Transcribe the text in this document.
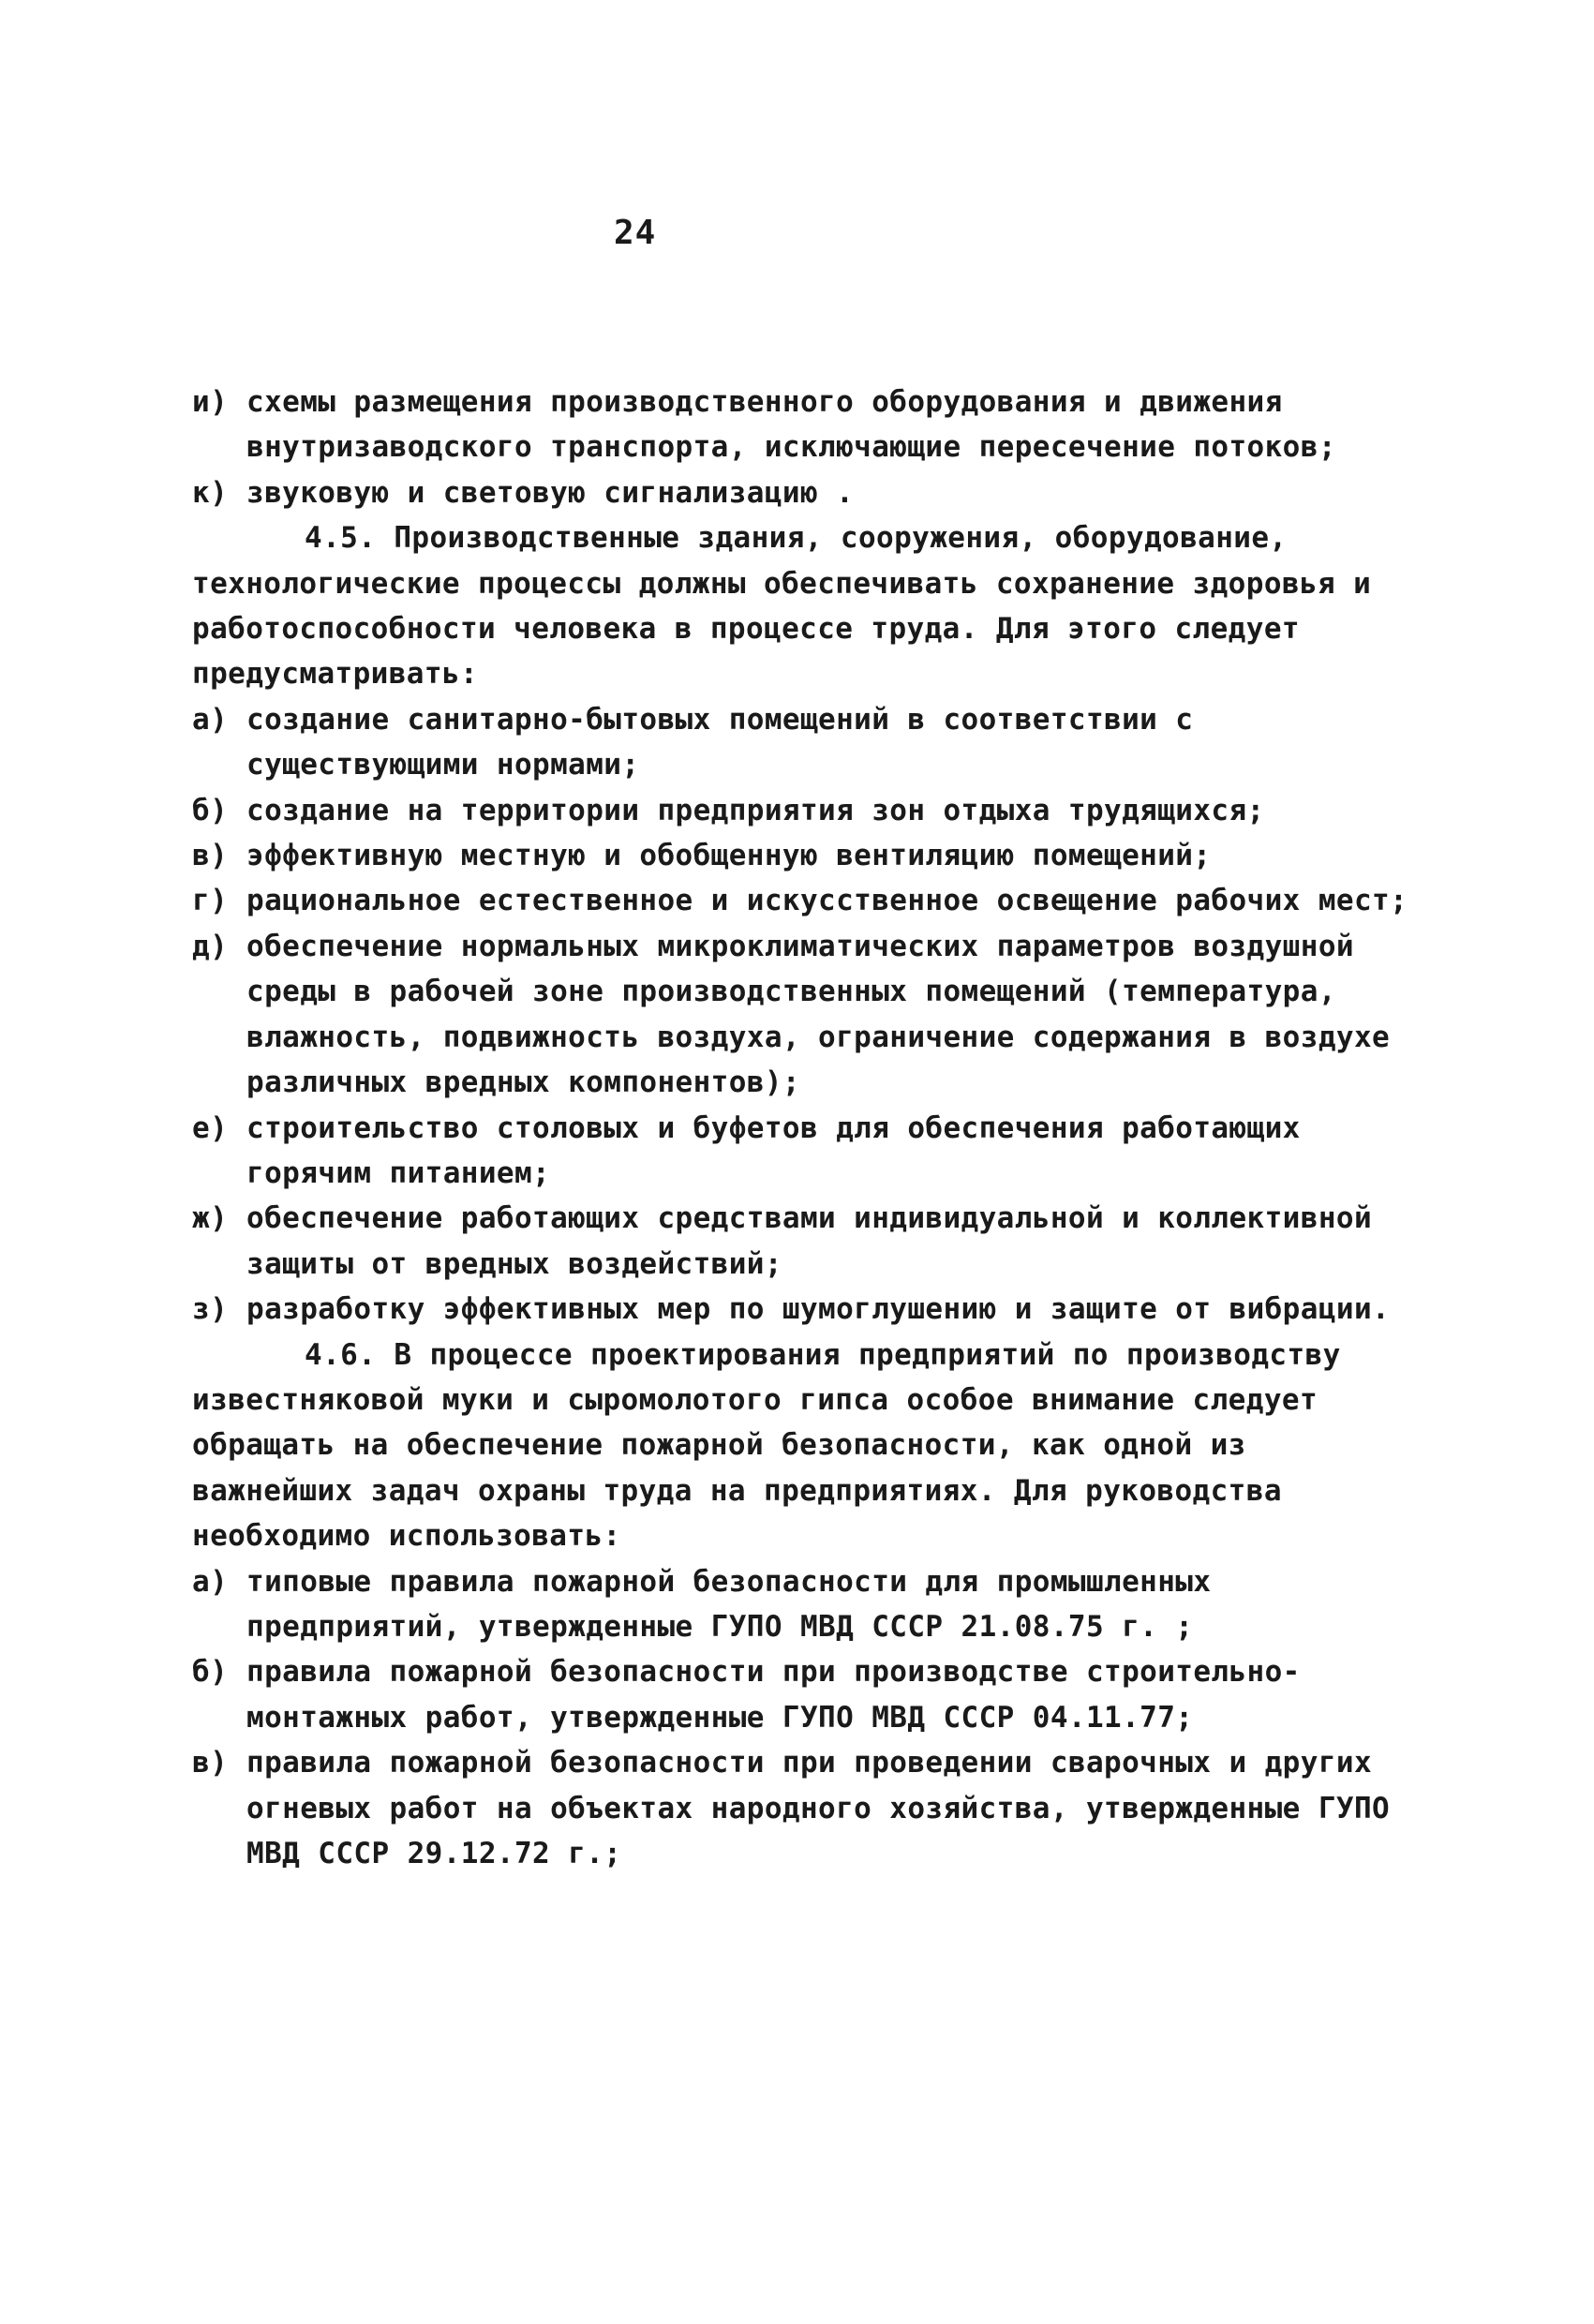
24
и) схемы размещения производственного оборудования и движения внутризаводского транспорта, исключающие пересечение потоков;
к) звуковую и световую сигнализацию .
4.5. Производственные здания, сооружения, оборудование, технологические процессы должны обеспечивать сохранение здоровья и работоспособности человека в процессе труда. Для этого следует предусматривать:
а) создание санитарно-бытовых помещений в соответствии с существующими нормами;
б) создание на территории предприятия зон отдыха трудящихся;
в) эффективную местную и обобщенную вентиляцию помещений;
г) рациональное естественное и искусственное освещение рабочих мест;
д) обеспечение нормальных микроклиматических параметров воздушной среды в рабочей зоне производственных помещений (температура, влажность, подвижность воздуха, ограничение содержания в воздухе различных вредных компонентов);
е) строительство столовых и буфетов для обеспечения работающих горячим питанием;
ж) обеспечение работающих средствами индивидуальной и коллективной защиты от вредных воздействий;
з) разработку эффективных мер по шумоглушению и защите от вибрации.
4.6. В процессе проектирования предприятий по производству известняковой муки и сыромолотого гипса особое внимание следует обращать на обеспечение пожарной безопасности, как одной из важнейших задач охраны труда на предприятиях. Для руководства необходимо использовать:
а) типовые правила пожарной безопасности для промышленных предприятий, утвержденные ГУПО МВД СССР 21.08.75 г. ;
б) правила пожарной безопасности при производстве строительно-монтажных работ, утвержденные ГУПО МВД СССР 04.11.77;
в) правила пожарной безопасности при проведении сварочных и других огневых работ на объектах народного хозяйства, утвержденные ГУПО МВД СССР 29.12.72 г.;
